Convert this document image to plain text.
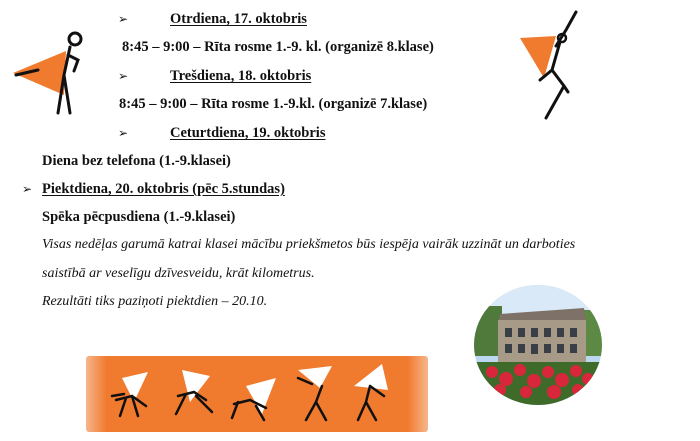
➢	Otrdiena, 17. oktobris
8:45 – 9:00 – Rīta rosme 1.-9. kl. (organizē 8.klase)
➢	Trešdiena, 18. oktobris
8:45 – 9:00 – Rīta rosme 1.-9.kl. (organizē 7.klase)
➢	Ceturtdiena, 19. oktobris
Diena bez telefona (1.-9.klasei)
➢ Piektdiena, 20. oktobris (pēc 5.stundas)
Spēka pēcpusdiena (1.-9.klasei)
Visas nedēļas garumā katrai klasei mācību priekšmetos būs iespēja vairāk uzzināt un darboties
saistībā ar veselīgu dzīvesveidu, krāt kilometrus.
Rezultāti tiks paziņoti piektdien – 20.10.
